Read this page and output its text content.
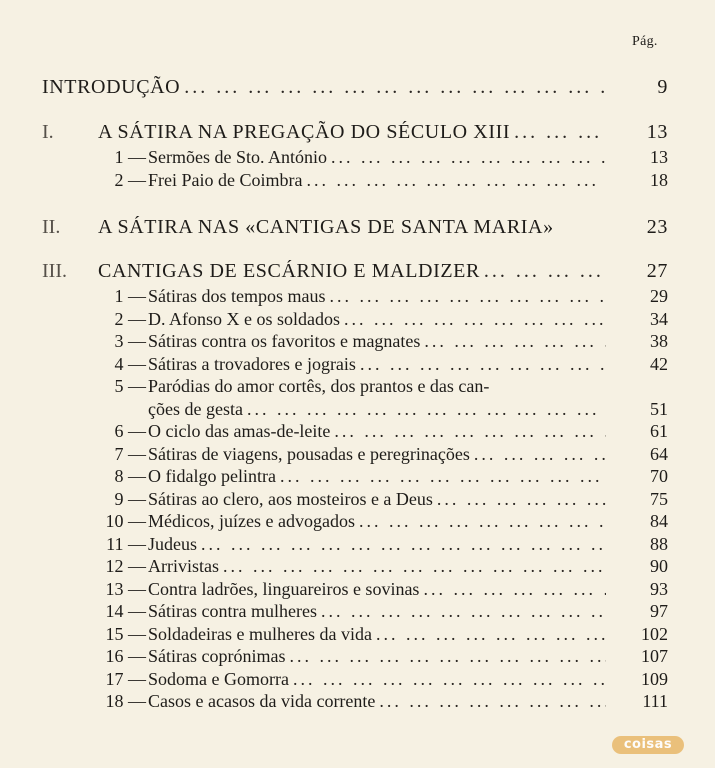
Pág.
INTRODUÇÃO ... .	9
I. A SÁTIRA NA PREGAÇÃO DO SÉCULO XIII ... .	13
1 — Sermões de Sto. António ... .	13
2 — Frei Paio de Coimbra ... .	18
II. A SÁTIRA NAS «CANTIGAS DE SANTA MARIA»	23
III. CANTIGAS DE ESCÁRNIO E MALDIZER ... .	27
1 — Sátiras dos tempos maus ... .	29
2 — D. Afonso X e os soldados ... .	34
3 — Sátiras contra os favoritos e magnates ... .	38
4 — Sátiras a trovadores e jograis ... .	42
5 — Paródias do amor cortês, dos prantos e das can-
ções de gesta ... .	51
6 — O ciclo das amas-de-leite ... .	61
7 — Sátiras de viagens, pousadas e peregrinações ... .	64
8 — O fidalgo pelintra ... .	70
9 — Sátiras ao clero, aos mosteiros e a Deus ... .	75
10 — Médicos, juízes e advogados ... .	84
11 — Judeus ... .	88
12 — Arrivistas ... .	90
13 — Contra ladrões, linguareiros e sovinas ... .	93
14 — Sátiras contra mulheres ... .	97
15 — Soldadeiras e mulheres da vida ... .	102
16 — Sátiras coprónimas ... .	107
17 — Sodoma e Gomorra ... .	109
18 — Casos e acasos da vida corrente ... .	111
coisas
